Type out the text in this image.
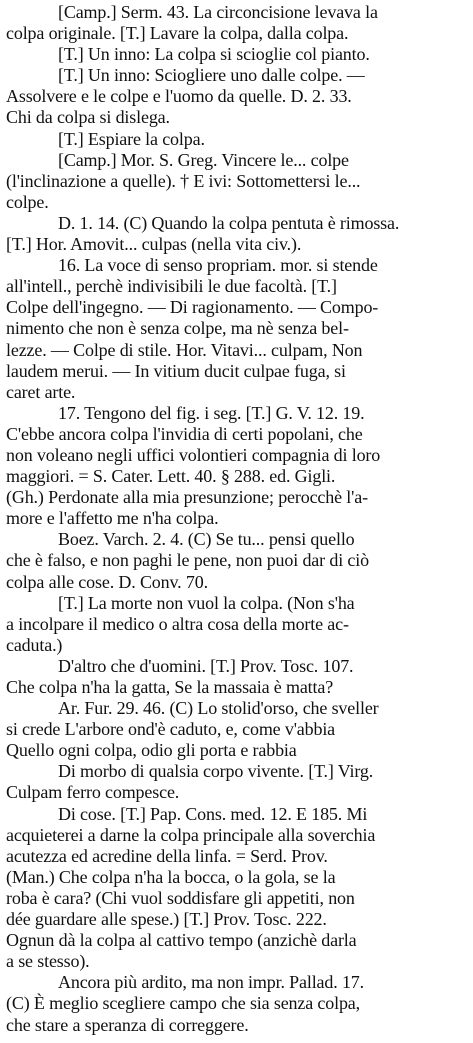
[Camp.] Serm. 43. La circoncisione levava la
colpa originale. [T.] Lavare la colpa, dalla colpa.
[T.] Un inno: La colpa si scioglie col pianto.
[T.] Un inno: Sciogliere uno dalle colpe. —
Assolvere e le colpe e l'uomo da quelle. D. 2. 33.
Chi da colpa si dislega.
[T.] Espiare la colpa.
[Camp.] Mor. S. Greg. Vincere le... colpe
(l'inclinazione a quelle). † E ivi: Sottomettersi le...
colpe.
D. 1. 14. (C) Quando la colpa pentuta è rimossa.
[T.] Hor. Amovit... culpas (nella vita civ.).
16. La voce di senso propriam. mor. si stende
all'intell., perchè indivisibili le due facoltà. [T.]
Colpe dell'ingegno. — Di ragionamento. — Compo-
nimento che non è senza colpe, ma nè senza bel-
lezze. — Colpe di stile. Hor. Vitavi... culpam, Non
laudem merui. — In vitium ducit culpae fuga, si
caret arte.
17. Tengono del fig. i seg. [T.] G. V. 12. 19.
C'ebbe ancora colpa l'invidia di certi popolani, che
non voleano negli uffici volontieri compagnia di loro
maggiori. = S. Cater. Lett. 40. § 288. ed. Gigli.
(Gh.) Perdonate alla mia presunzione; perocchè l'a-
more e l'affetto me n'ha colpa.
Boez. Varch. 2. 4. (C) Se tu... pensi quello
che è falso, e non paghi le pene, non puoi dar di ciò
colpa alle cose. D. Conv. 70.
[T.] La morte non vuol la colpa. (Non s'ha
a incolpare il medico o altra cosa della morte ac-
caduta.)
D'altro che d'uomini. [T.] Prov. Tosc. 107.
Che colpa n'ha la gatta, Se la massaia è matta?
Ar. Fur. 29. 46. (C) Lo stolid'orso, che sveller
si crede L'arbore ond'è caduto, e, come v'abbia
Quello ogni colpa, odio gli porta e rabbia
Di morbo di qualsia corpo vivente. [T.] Virg.
Culpam ferro compesce.
Di cose. [T.] Pap. Cons. med. 12. E 185. Mi
acquieterei a darne la colpa principale alla soverchia
acutezza ed acredine della linfa. = Serd. Prov.
(Man.) Che colpa n'ha la bocca, o la gola, se la
roba è cara? (Chi vuol soddisfare gli appetiti, non
dée guardare alle spese.) [T.] Prov. Tosc. 222.
Ognun dà la colpa al cattivo tempo (anzichè darla
a se stesso).
Ancora più ardito, ma non impr. Pallad. 17.
(C) È meglio scegliere campo che sia senza colpa,
che stare a speranza di correggere.
